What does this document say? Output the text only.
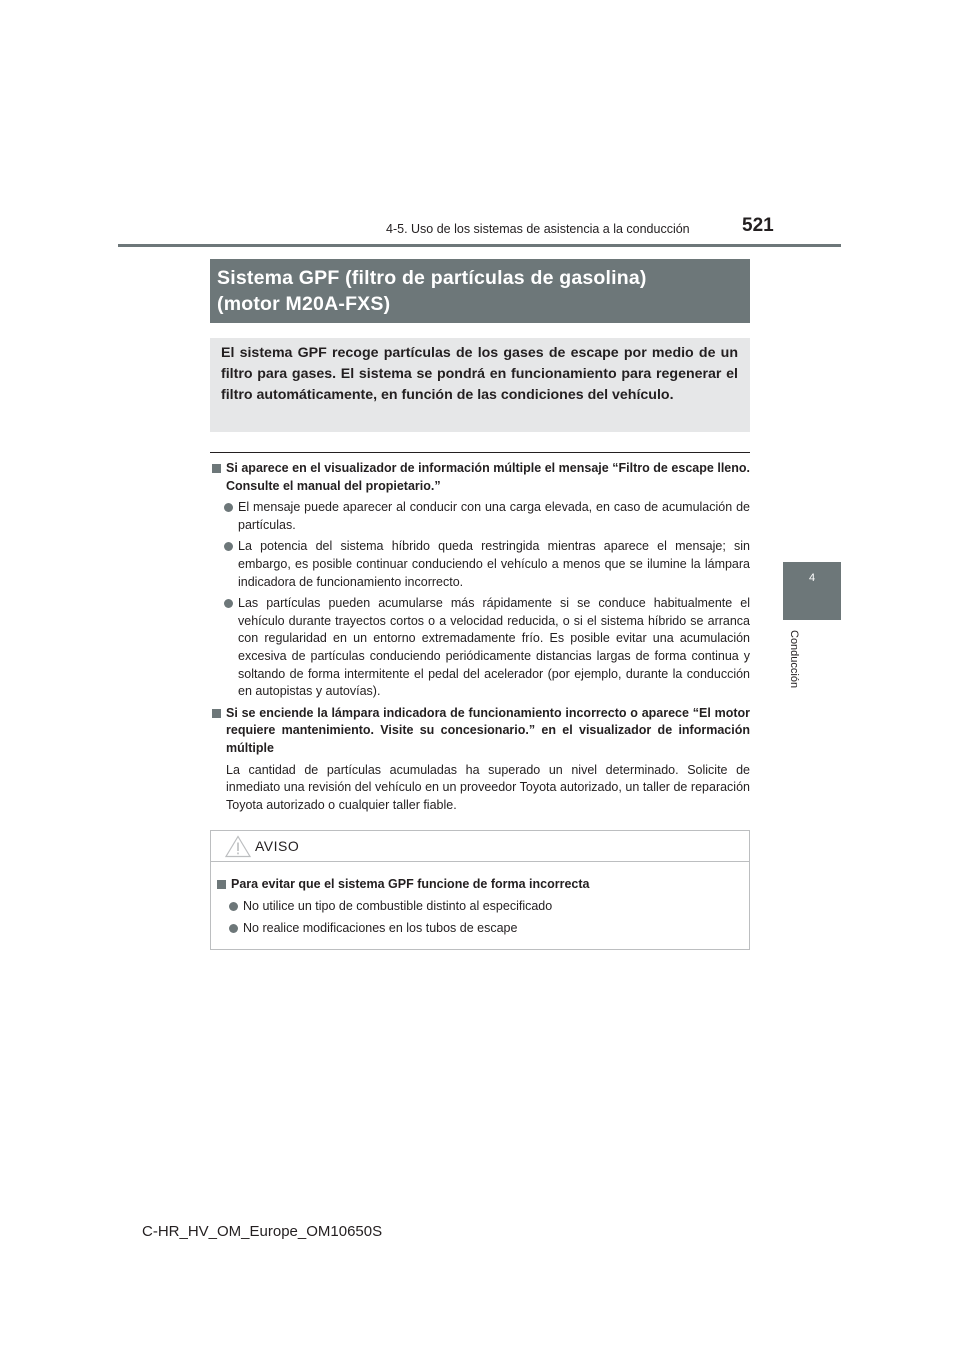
4-5. Uso de los sistemas de asistencia a la conducción	521
4
Conducción
Sistema GPF (filtro de partículas de gasolina)
(motor M20A-FXS)
El sistema GPF recoge partículas de los gases de escape por medio de un filtro para gases. El sistema se pondrá en funcionamiento para regenerar el filtro automáticamente, en función de las condiciones del vehículo.
Si aparece en el visualizador de información múltiple el mensaje “Filtro de escape lleno. Consulte el manual del propietario.”
El mensaje puede aparecer al conducir con una carga elevada, en caso de acumulación de partículas.
La potencia del sistema híbrido queda restringida mientras aparece el mensaje; sin embargo, es posible continuar conduciendo el vehículo a menos que se ilumine la lámpara indicadora de funcionamiento incorrecto.
Las partículas pueden acumularse más rápidamente si se conduce habitualmente el vehículo durante trayectos cortos o a velocidad reducida, o si el sistema híbrido se arranca con regularidad en un entorno extremadamente frío. Es posible evitar una acumulación excesiva de partículas conduciendo periódicamente distancias largas de forma continua y soltando de forma intermitente el pedal del acelerador (por ejemplo, durante la conducción en autopistas y autovías).
Si se enciende la lámpara indicadora de funcionamiento incorrecto o aparece “El motor requiere mantenimiento. Visite su concesionario.” en el visualizador de información múltiple
La cantidad de partículas acumuladas ha superado un nivel determinado. Solicite de inmediato una revisión del vehículo en un proveedor Toyota autorizado, un taller de reparación Toyota autorizado o cualquier taller fiable.
AVISO
Para evitar que el sistema GPF funcione de forma incorrecta
No utilice un tipo de combustible distinto al especificado
No realice modificaciones en los tubos de escape
C-HR_HV_OM_Europe_OM10650S
